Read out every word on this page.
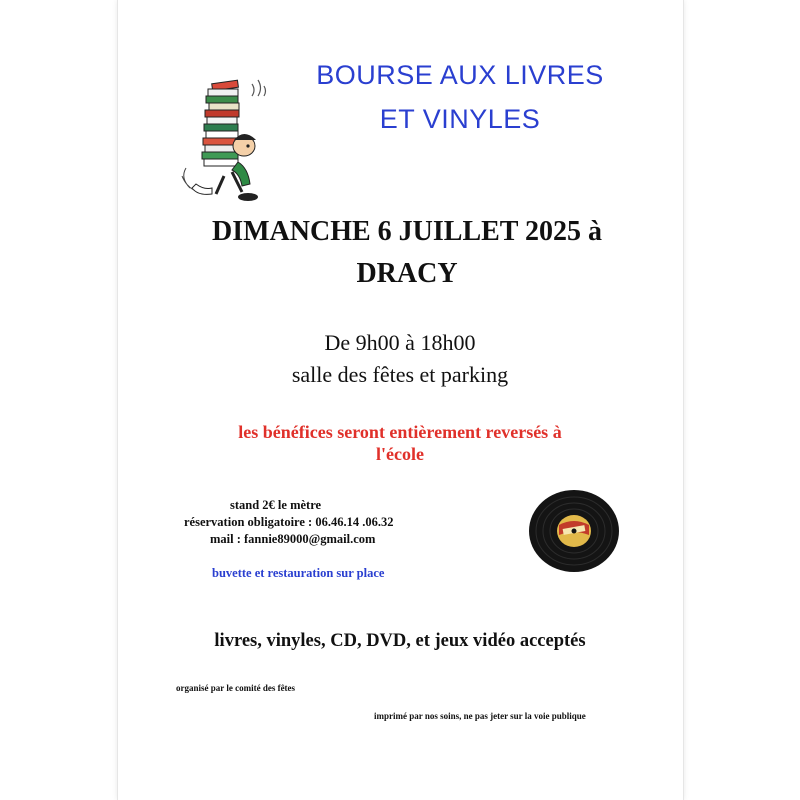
BOURSE AUX LIVRES
ET VINYLES
DIMANCHE 6 JUILLET 2025 à
DRACY
De 9h00 à 18h00
salle des fêtes et parking
les bénéfices seront entièrement reversés à
l'école
stand 2€ le mètre
réservation obligatoire : 06.46.14 .06.32
mail : fannie89000@gmail.com
buvette et restauration sur place
livres, vinyles, CD, DVD, et jeux vidéo acceptés
organisé par le comité des fêtes
imprimé par nos soins, ne pas jeter sur la voie publique
